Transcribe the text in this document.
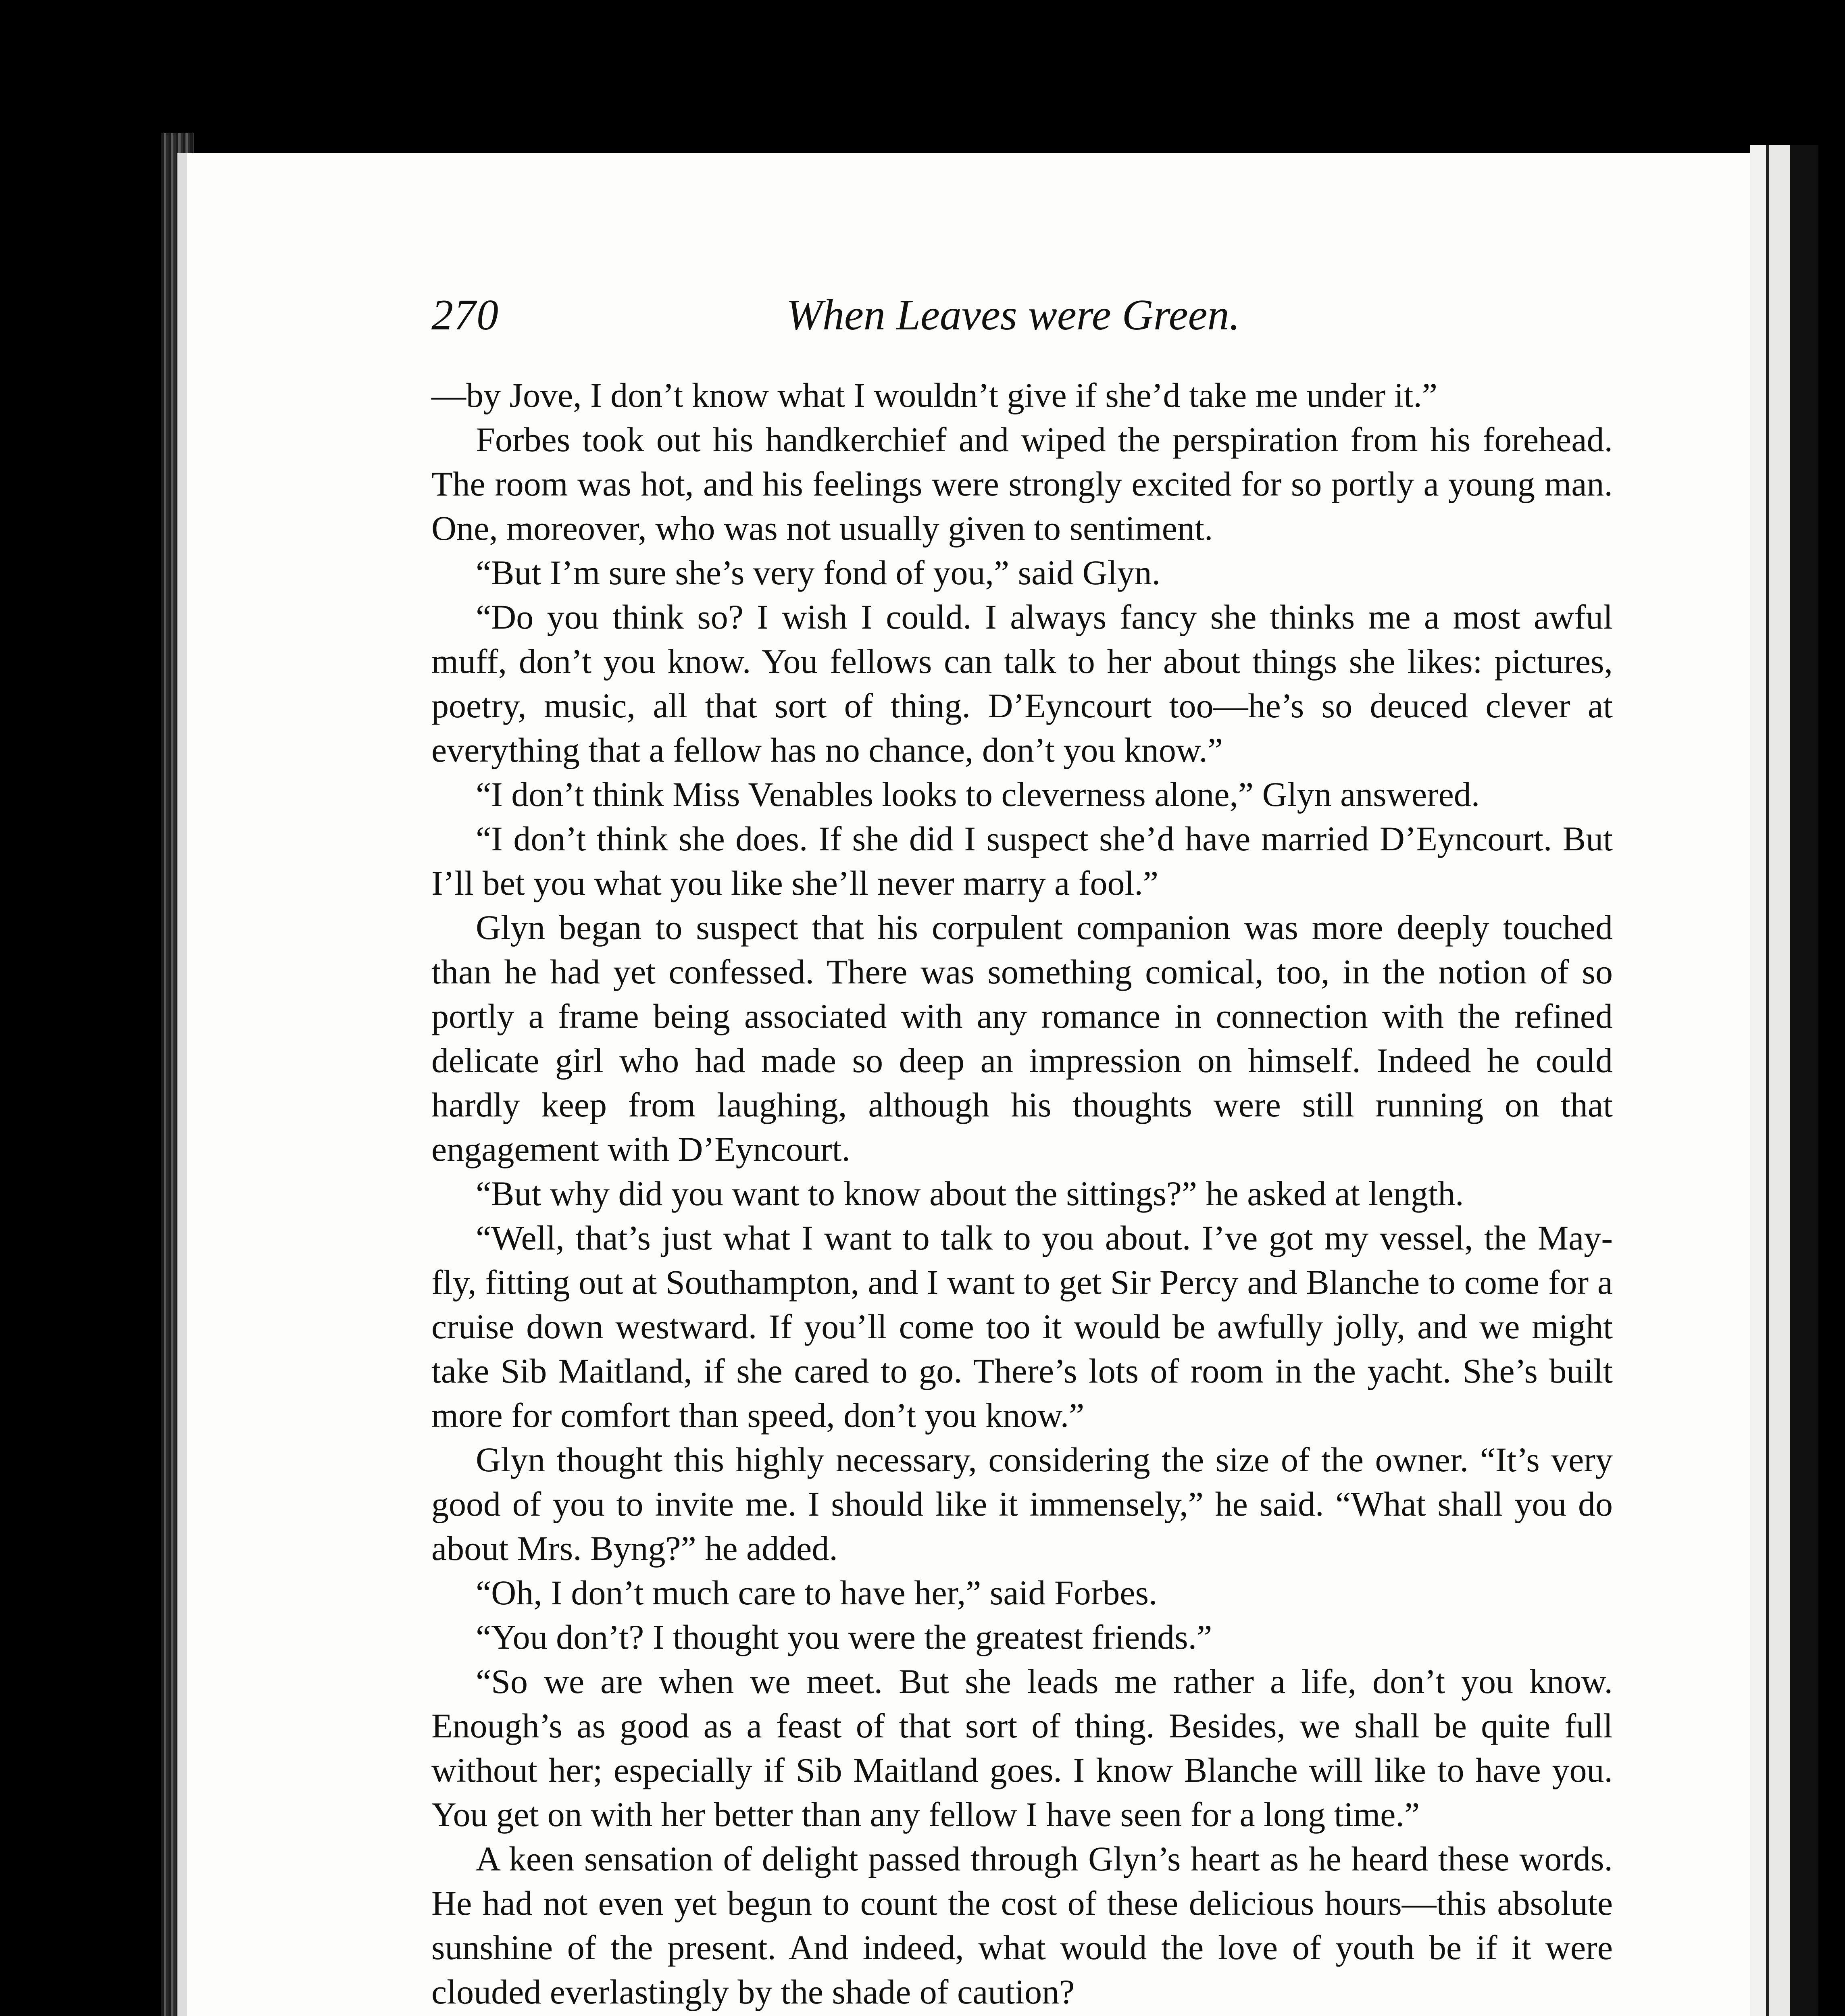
270	When Leaves were Green.

—by Jove, I don’t know what I wouldn’t give if she’d take me under it.”

Forbes took out his handkerchief and wiped the perspiration from his forehead. The room was hot, and his feelings were strongly excited for so portly a young man. One, moreover, who was not usually given to sentiment.

“But I’m sure she’s very fond of you,” said Glyn.

“Do you think so? I wish I could. I always fancy she thinks me a most awful muff, don’t you know. You fellows can talk to her about things she likes: pictures, poetry, music, all that sort of thing. D’Eyncourt too—he’s so deuced clever at everything that a fellow has no chance, don’t you know.”

“I don’t think Miss Venables looks to cleverness alone,” Glyn answered.

“I don’t think she does. If she did I suspect she’d have married D’Eyncourt. But I’ll bet you what you like she’ll never marry a fool.”

Glyn began to suspect that his corpulent companion was more deeply touched than he had yet confessed. There was something comical, too, in the notion of so portly a frame being associated with any romance in connection with the refined delicate girl who had made so deep an impression on himself. Indeed he could hardly keep from laughing, although his thoughts were still running on that engagement with D’Eyncourt.

“But why did you want to know about the sittings?” he asked at length.

“Well, that’s just what I want to talk to you about. I’ve got my vessel, the May-fly, fitting out at Southampton, and I want to get Sir Percy and Blanche to come for a cruise down westward. If you’ll come too it would be awfully jolly, and we might take Sib Maitland, if she cared to go. There’s lots of room in the yacht. She’s built more for comfort than speed, don’t you know.”

Glyn thought this highly necessary, considering the size of the owner. “It’s very good of you to invite me. I should like it immensely,” he said. “What shall you do about Mrs. Byng?” he added.

“Oh, I don’t much care to have her,” said Forbes.

“You don’t? I thought you were the greatest friends.”

“So we are when we meet. But she leads me rather a life, don’t you know. Enough’s as good as a feast of that sort of thing. Besides, we shall be quite full without her; especially if Sib Maitland goes. I know Blanche will like to have you. You get on with her better than any fellow I have seen for a long time.”

A keen sensation of delight passed through Glyn’s heart as he heard these words. He had not even yet begun to count the cost of these delicious hours—this absolute sunshine of the present. And indeed, what would the love of youth be if it were clouded everlastingly by the shade of caution?
